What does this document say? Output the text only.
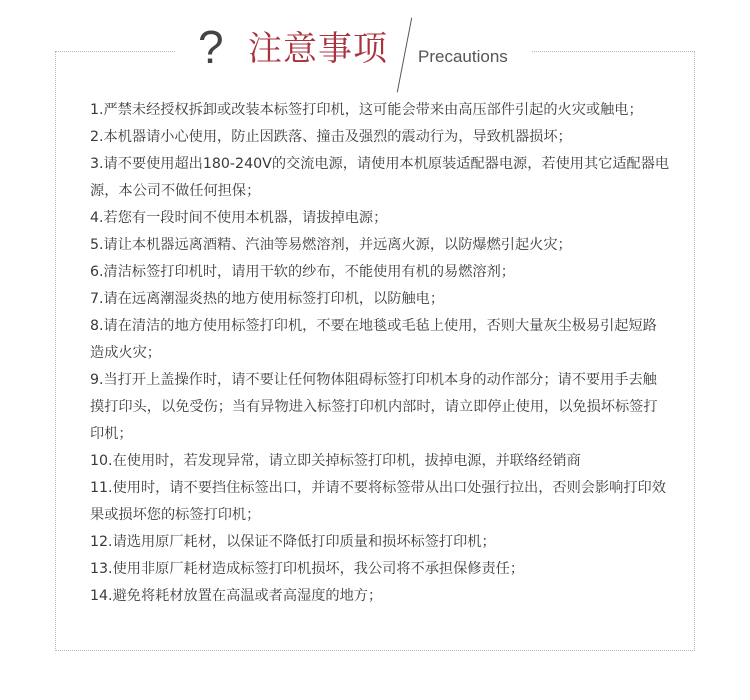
? 注意事项 Precautions
1.严禁未经授权拆卸或改装本标签打印机，这可能会带来由高压部件引起的火灾或触电；
2.本机器请小心使用，防止因跌落、撞击及强烈的震动行为，导致机器损坏；
3.请不要使用超出180-240V的交流电源，请使用本机原装适配器电源，若使用其它适配器电源，本公司不做任何担保；
4.若您有一段时间不使用本机器，请拔掉电源；
5.请让本机器远离酒精、汽油等易燃溶剂，并远离火源，以防爆燃引起火灾；
6.清洁标签打印机时，请用干软的纱布，不能使用有机的易燃溶剂；
7.请在远离潮湿炎热的地方使用标签打印机，以防触电；
8.请在清洁的地方使用标签打印机，不要在地毯或毛毡上使用，否则大量灰尘极易引起短路造成火灾；
9.当打开上盖操作时，请不要让任何物体阻碍标签打印机本身的动作部分；请不要用手去触摸打印头，以免受伤；当有异物进入标签打印机内部时，请立即停止使用，以免损坏标签打印机；
10.在使用时，若发现异常，请立即关掉标签打印机，拔掉电源，并联络经销商
11.使用时，请不要挡住标签出口，并请不要将标签带从出口处强行拉出，否则会影响打印效果或损坏您的标签打印机；
12.请选用原厂耗材，以保证不降低打印质量和损坏标签打印机；
13.使用非原厂耗材造成标签打印机损坏，我公司将不承担保修责任；
14.避免将耗材放置在高温或者高湿度的地方；
